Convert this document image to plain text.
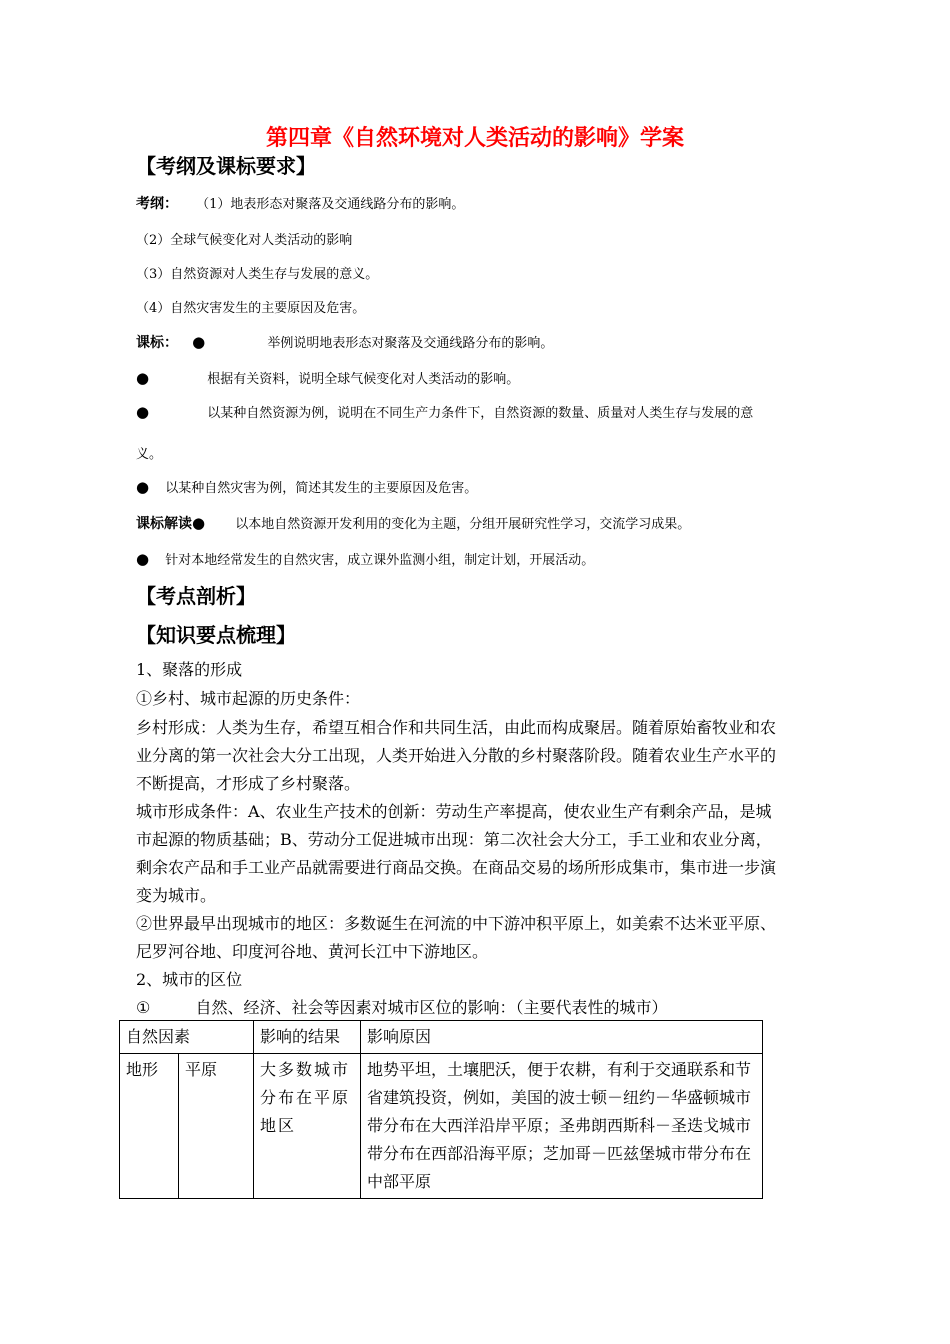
第四章《自然环境对人类活动的影响》学案
【考纲及课标要求】
考纲： （1）地表形态对聚落及交通线路分布的影响。
（2）全球气候变化对人类活动的影响
（3）自然资源对人类生存与发展的意义。
（4）自然灾害发生的主要原因及危害。
课标： ●	举例说明地表形态对聚落及交通线路分布的影响。
●	根据有关资料，说明全球气候变化对人类活动的影响。
●	以某种自然资源为例，说明在不同生产力条件下，自然资源的数量、质量对人类生存与发展的意
义。
● 以某种自然灾害为例，简述其发生的主要原因及危害。
课标解读● 以本地自然资源开发利用的变化为主题，分组开展研究性学习，交流学习成果。
● 针对本地经常发生的自然灾害，成立课外监测小组，制定计划，开展活动。
【考点剖析】
【知识要点梳理】
1、聚落的形成
①乡村、城市起源的历史条件：
乡村形成：人类为生存，希望互相合作和共同生活，由此而构成聚居。随着原始畜牧业和农
业分离的第一次社会大分工出现，人类开始进入分散的乡村聚落阶段。随着农业生产水平的
不断提高，才形成了乡村聚落。
城市形成条件：A、农业生产技术的创新：劳动生产率提高，使农业生产有剩余产品，是城
市起源的物质基础；B、劳动分工促进城市出现：第二次社会大分工，手工业和农业分离，
剩余农产品和手工业产品就需要进行商品交换。在商品交易的场所形成集市，集市进一步演
变为城市。
②世界最早出现城市的地区：多数诞生在河流的中下游冲积平原上，如美索不达米亚平原、
尼罗河谷地、印度河谷地、黄河长江中下游地区。
2、城市的区位
①	自然、经济、社会等因素对城市区位的影响：（主要代表性的城市）
自然因素		影响的结果	影响原因
地形	平原	大多数城市分布在平原地区	地势平坦，土壤肥沃，便于农耕，有利于交通联系和节省建筑投资，例如，美国的波士顿－纽约－华盛顿城市带分布在大西洋沿岸平原；圣弗朗西斯科－圣迭戈城市带分布在西部沿海平原；芝加哥－匹兹堡城市带分布在中部平原
